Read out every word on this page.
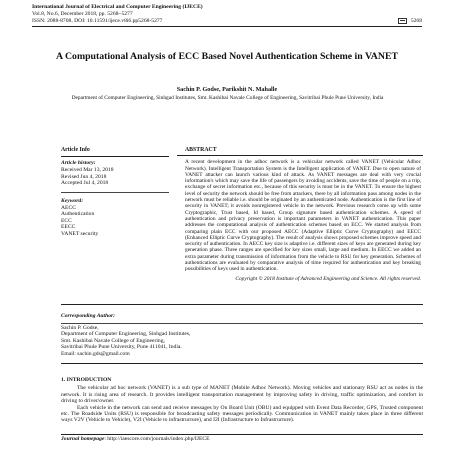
International Journal of Electrical and Computer Engineering (IJECE)
Vol.8, No.6, December 2018, pp. 5268~5277
ISSN: 2088-8708, DOI: 10.11591/ijece.v8i6.pp5268-5277	5268
A Computational Analysis of ECC Based Novel Authentication Scheme in VANET
Sachin P. Godse, Parikshit N. Mahalle
Department of Computer Engineering, Sinhgad Institutes, Smt. Kashibai Navale College of Engineering, Savitribai Phule Pune University, India
Article Info
Article history:
Received Mar 13, 2018
Revised Jun 4, 2018
Accepted Jul 4, 2018
Keyword:
AECC
Authentication
ECC
EECC
VANET security
ABSTRACT
A recent development in the adhoc network is a vehicular network called VANET (Vehicular Adhoc Network). Intelligent Transportation System is the Intelligent application of VANET. Due to open nature of VANET attacker can launch various kind of attack. As VANET messages are deal with very crucial information's which may save the life of passengers by avoiding accidents, save the time of people on a trip, exchange of secret information etc., because of this security is must be in the VANET. To ensure the highest level of security the network should be free from attackers, there by all information pass among nodes in the network must be reliable i.e. should be originated by an authenticated node. Authentication is the first line of security in VANET; it avoids nonregistered vehicle in the network. Previous research come up with some Cryptographic, Trust based, Id based, Group signature based authentication schemes. A speed of authentication and privacy preservation is important parameters in VANET authentication. This paper addresses the computational analysis of authentication schemes based on ECC. We started analysis from comparing plain ECC with our proposed AECC (Adaptive Elliptic Curve Cryptography) and EECC (Enhanced Elliptic Curve Cryptography). The result of analysis shows proposed schemes improve speed and security of authentication. In AECC key size is adaptive i.e. different sizes of keys are generated during key generation phase. Three ranges are specified for key sizes small, large and medium. In EECC we added an extra parameter during transmission of information from the vehicle to RSU for key generation. Schemes of authentications are evaluated by comparative analysis of time required for authentication and key breaking possibilities of keys used in authentication.
Copyright © 2018 Institute of Advanced Engineering and Science. All rights reserved.
Corresponding Author:
Sachin P. Godse,
Department of Computer Engineering, Sinhgad Institutes,
Smt. Kashibai Navale College of Engineering,
Savitribai Phule Pune University, Pune 411041, India.
Email: sachin.gds@gmail.com
1. INTRODUCTION

The vehicular ad hoc network (VANET) is a sub type of MANET (Mobile Adhoc Network). Moving vehicles and stationary RSU act as nodes in the network. It is rising area of research. It provides intelligent transportation management by improving safety in driving, traffic optimization, and comfort in driving to driver/owner.

Each vehicle in the network can send and receive messages by On Board Unit (OBU) and equipped with Event Data Recorder, GPS, Trusted component etc. The Roadside Units (RSU) is responsible for broadcasting safety messages periodically. Communication in VANET mainly takes place in three different ways V2V (Vehicle to Vehicle), V2I (Vehicle to infrastructure), and I2I (Infrastructure to Infrastructure).

Journal homepage: http://iaescore.com/journals/index.php/IJECE
